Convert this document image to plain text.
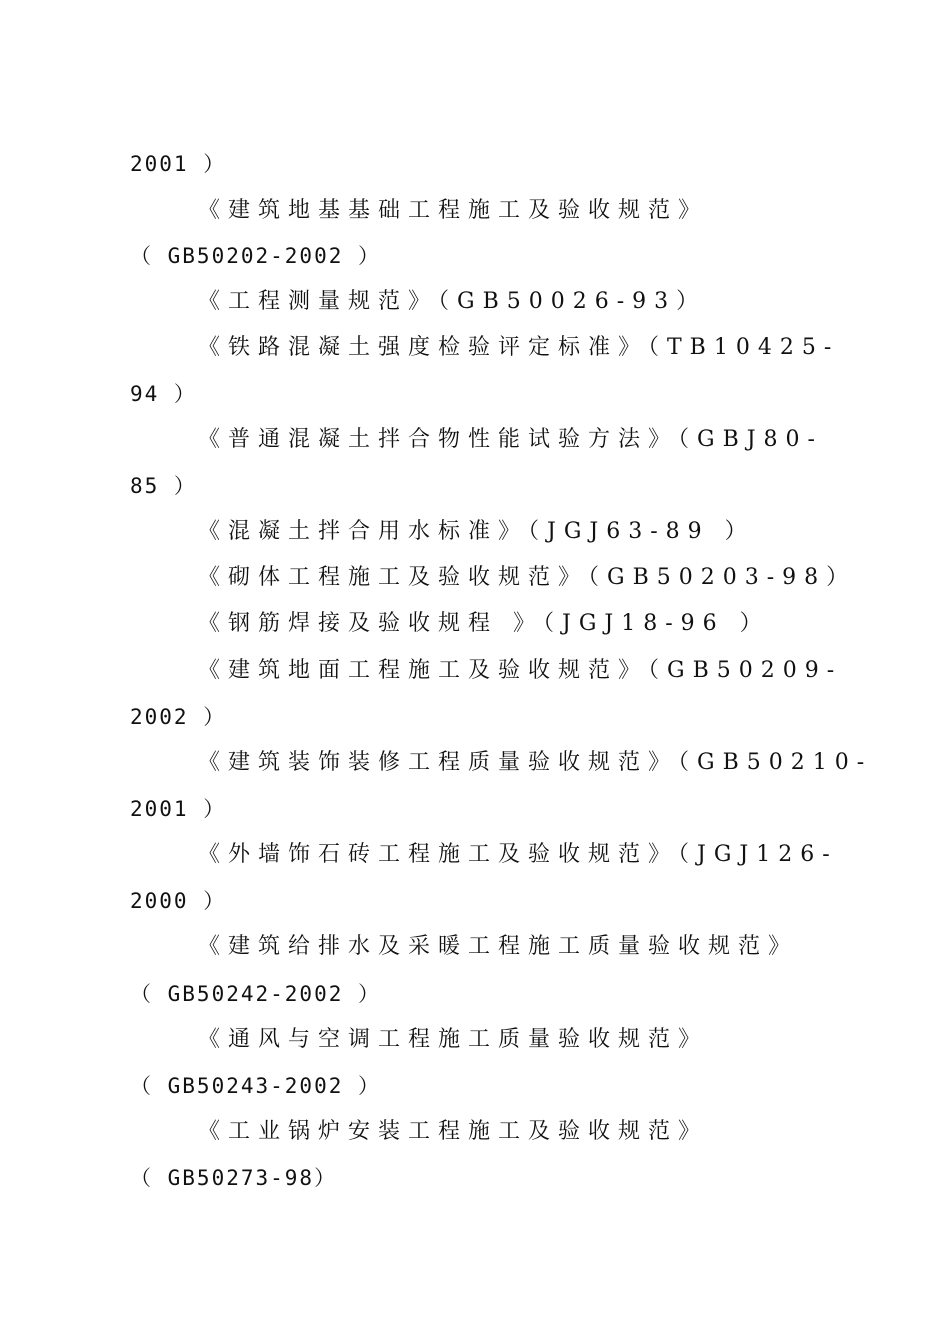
2001 ）
《建筑地基基础工程施工及验收规范》
（ GB50202-2002 ）
《工程测量规范》（GB50026-93）
《铁路混凝土强度检验评定标准》（TB10425-
94 ）
《普通混凝土拌合物性能试验方法》（GBJ80-
85 ）
《混凝土拌合用水标准》（JGJ63-89 ）
《砌体工程施工及验收规范》（GB50203-98）
《钢筋焊接及验收规程 》（JGJ18-96 ）
《建筑地面工程施工及验收规范》（GB50209-
2002 ）
《建筑装饰装修工程质量验收规范》（GB50210-
2001 ）
《外墙饰石砖工程施工及验收规范》（JGJ126-
2000 ）
《建筑给排水及采暖工程施工质量验收规范》
（ GB50242-2002 ）
《通风与空调工程施工质量验收规范》
（ GB50243-2002 ）
《工业锅炉安装工程施工及验收规范》
（ GB50273-98）
